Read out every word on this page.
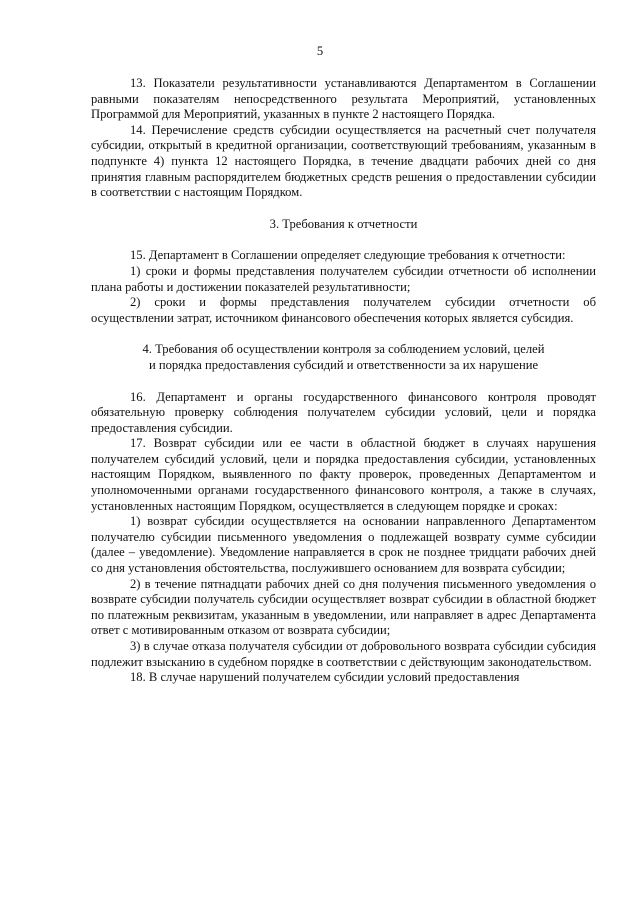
5

13. Показатели результативности устанавливаются Департаментом в Соглашении равными показателям непосредственного результата Мероприятий, установленных Программой для Мероприятий, указанных в пункте 2 настоящего Порядка.

14. Перечисление средств субсидии осуществляется на расчетный счет получателя субсидии, открытый в кредитной организации, соответствующий требованиям, указанным в подпункте 4) пункта 12 настоящего Порядка, в течение двадцати рабочих дней со дня принятия главным распорядителем бюджетных средств решения о предоставлении субсидии в соответствии с настоящим Порядком.

3. Требования к отчетности

15. Департамент в Соглашении определяет следующие требования к отчетности:

1) сроки и формы представления получателем субсидии отчетности об исполнении плана работы и достижении показателей результативности;

2) сроки и формы представления получателем субсидии отчетности об осуществлении затрат, источником финансового обеспечения которых является субсидия.

4. Требования об осуществлении контроля за соблюдением условий, целей

и порядка предоставления субсидий и ответственности за их нарушение

16. Департамент и органы государственного финансового контроля проводят обязательную проверку соблюдения получателем субсидии условий, цели и порядка предоставления субсидии.

17. Возврат субсидии или ее части в областной бюджет в случаях нарушения получателем субсидий условий, цели и порядка предоставления субсидии, установленных настоящим Порядком, выявленного по факту проверок, проведенных Департаментом и уполномоченными органами государственного финансового контроля, а также в случаях, установленных настоящим Порядком, осуществляется в следующем порядке и сроках:

1) возврат субсидии осуществляется на основании направленного Департаментом получателю субсидии письменного уведомления о подлежащей возврату сумме субсидии (далее – уведомление). Уведомление направляется в срок не позднее тридцати рабочих дней со дня установления обстоятельства, послужившего основанием для возврата субсидии;

2) в течение пятнадцати рабочих дней со дня получения письменного уведомления о возврате субсидии получатель субсидии осуществляет возврат субсидии в областной бюджет по платежным реквизитам, указанным в уведомлении, или направляет в адрес Департамента ответ с мотивированным отказом от возврата субсидии;

3) в случае отказа получателя субсидии от добровольного возврата субсидии субсидия подлежит взысканию в судебном порядке в соответствии с действующим законодательством.

18. В случае нарушений получателем субсидии условий предоставления
